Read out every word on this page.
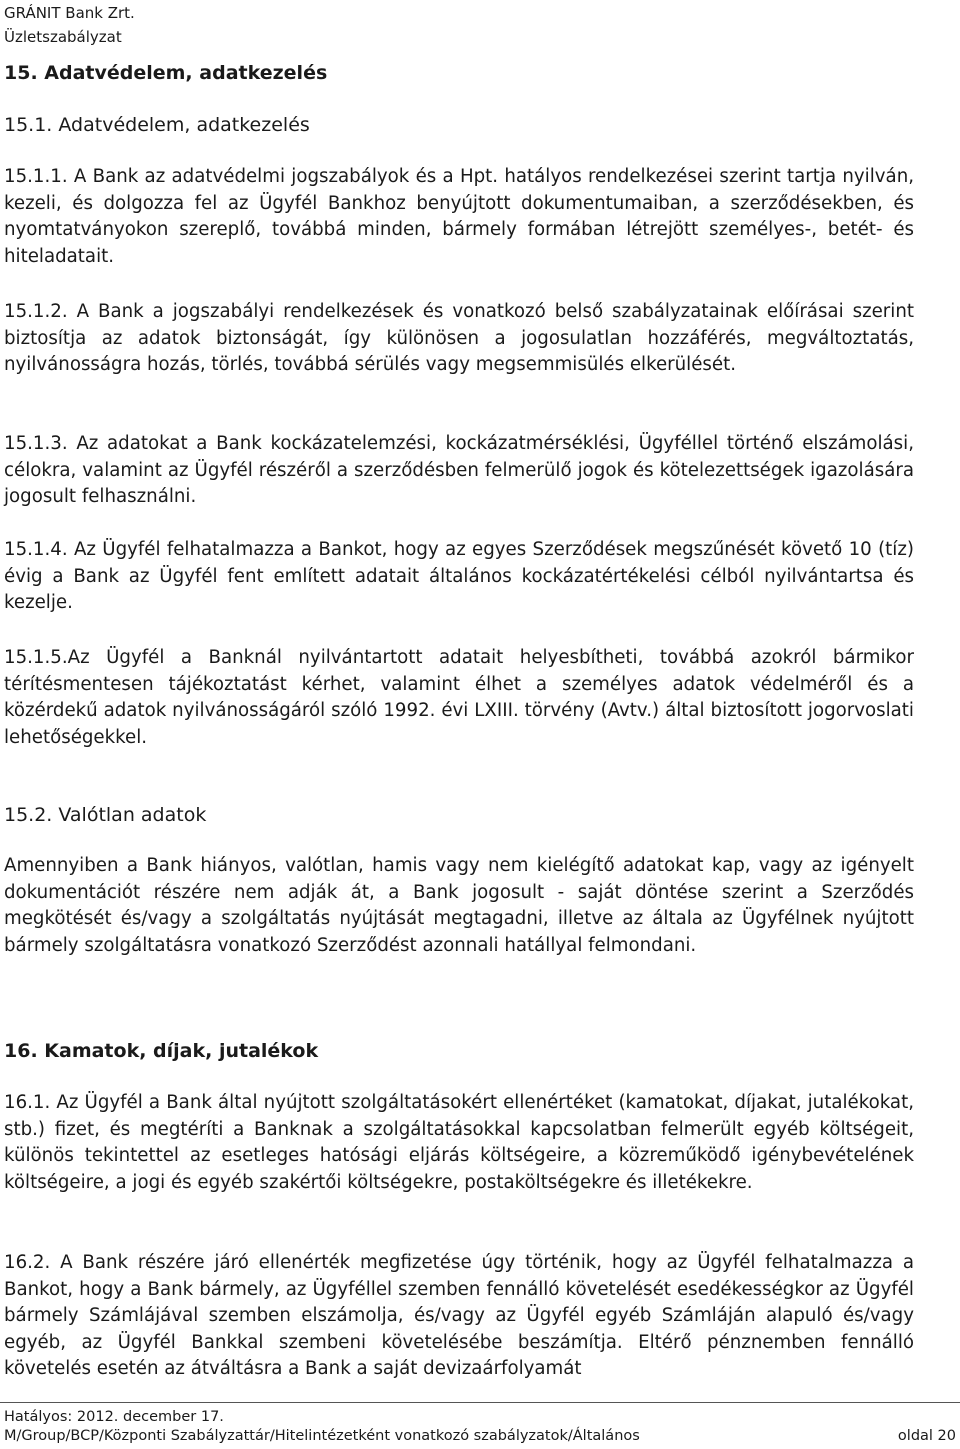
GRÁNIT Bank Zrt.
Üzletszabályzat
15. Adatvédelem, adatkezelés
15.1. Adatvédelem, adatkezelés

15.1.1. A Bank az adatvédelmi jogszabályok és a Hpt. hatályos rendelkezései szerint tartja nyilván, kezeli, és dolgozza fel az Ügyfél Bankhoz benyújtott dokumentumaiban, a szerződésekben, és nyomtatványokon szereplő, továbbá minden, bármely formában létrejött személyes-, betét- és hiteladatait.

15.1.2. A Bank a jogszabályi rendelkezések és vonatkozó belső szabályzatainak előírásai szerint biztosítja az adatok biztonságát, így különösen a jogosulatlan hozzáférés, megváltoztatás, nyilvánosságra hozás, törlés, továbbá sérülés vagy megsemmisülés elkerülését.

15.1.3. Az adatokat a Bank kockázatelemzési, kockázatmérséklési, Ügyféllel történő elszámolási, célokra, valamint az Ügyfél részéről a szerződésben felmerülő jogok és kötelezettségek igazolására jogosult felhasználni.

15.1.4. Az Ügyfél felhatalmazza a Bankot, hogy az egyes Szerződések megszűnését követő 10 (tíz) évig a Bank az Ügyfél fent említett adatait általános kockázatértékelési célból nyilvántartsa és kezelje.

15.1.5.Az Ügyfél a Banknál nyilvántartott adatait helyesbítheti, továbbá azokról bármikor térítésmentesen tájékoztatást kérhet, valamint élhet a személyes adatok védelméről és a közérdekű adatok nyilvánosságáról szóló 1992. évi LXIII. törvény (Avtv.) által biztosított jogorvoslati lehetőségekkel.

15.2. Valótlan adatok

Amennyiben a Bank hiányos, valótlan, hamis vagy nem kielégítő adatokat kap, vagy az igényelt dokumentációt részére nem adják át, a Bank jogosult - saját döntése szerint a Szerződés megkötését és/vagy a szolgáltatás nyújtását megtagadni, illetve az általa az Ügyfélnek nyújtott bármely szolgáltatásra vonatkozó Szerződést azonnali hatállyal felmondani.

16. Kamatok, díjak, jutalékok

16.1. Az Ügyfél a Bank által nyújtott szolgáltatásokért ellenértéket (kamatokat, díjakat, jutalékokat, stb.) fizet, és megtéríti a Banknak a szolgáltatásokkal kapcsolatban felmerült egyéb költségeit, különös tekintettel az esetleges hatósági eljárás költségeire, a közreműködő igénybevételének költségeire, a jogi és egyéb szakértői költségekre, postaköltségekre és illetékekre.

16.2. A Bank részére járó ellenérték megfizetése úgy történik, hogy az Ügyfél felhatalmazza a Bankot, hogy a Bank bármely, az Ügyféllel szemben fennálló követelését esedékességkor az Ügyfél bármely Számlájával szemben elszámolja, és/vagy az Ügyfél egyéb Számláján alapuló és/vagy egyéb, az Ügyfél Bankkal szembeni követelésébe beszámítja. Eltérő pénznemben fennálló követelés esetén az átváltásra a Bank a saját devizaárfolyamát

Hatályos: 2012. december 17.
M/Group/BCP/Központi Szabályzattár/Hitelintézetként vonatkozó szabályzatok/Általános	oldal 20
